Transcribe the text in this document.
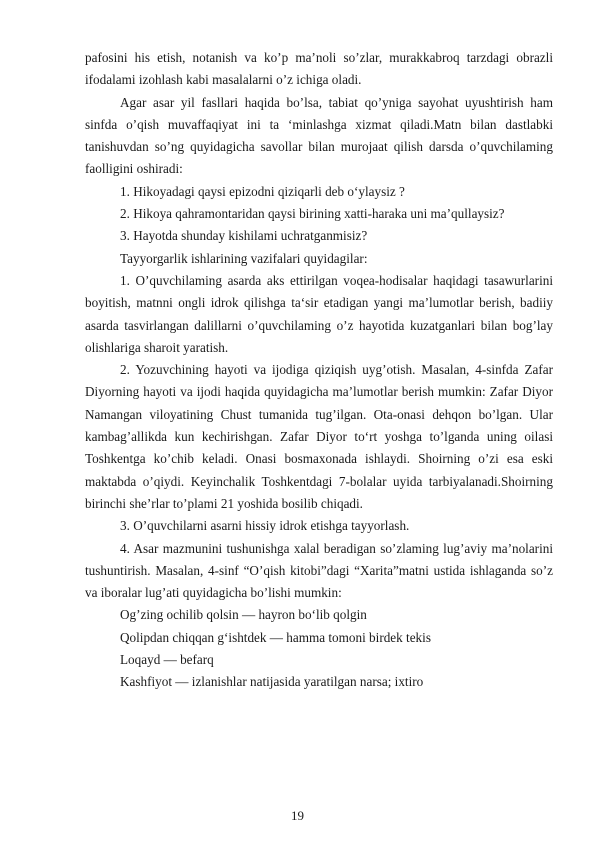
pafosini his etish, notanish va ko’p ma’noli so’zlar, murakkabroq tarzdagi obrazli ifodalami izohlash kabi masalalarni o’z ichiga oladi.

Agar asar yil fasllari haqida bo’lsa, tabiat qo’yniga sayohat uyushtirish ham sinfda o’qish muvaffaqiyat ini ta ‘minlashga xizmat qiladi.Matn bilan dastlabki tanishuvdan so’ng quyidagicha savollar bilan murojaat qilish darsda o’quvchilaming faolligini oshiradi:

1. Hikoyadagi qaysi epizodni qiziqarli deb o‘ylaysiz ?

2. Hikoya qahramontaridan qaysi birining xatti-haraka uni ma’qullaysiz?

3. Hayotda shunday kishilami uchratganmisiz?

Tayyorgarlik ishlarining vazifalari quyidagilar:

1. O’quvchilaming asarda aks ettirilgan voqea-hodisalar haqidagi tasawurlarini boyitish, matnni ongli idrok qilishga ta‘sir etadigan yangi ma’lumotlar berish, badiiy asarda tasvirlangan dalillarni o’quvchilaming o’z hayotida kuzatganlari bilan bog’lay olishlariga sharoit yaratish.

2. Yozuvchining hayoti va ijodiga qiziqish uyg’otish. Masalan, 4-sinfda Zafar Diyorning hayoti va ijodi haqida quyidagicha ma’lumotlar berish mumkin: Zafar Diyor Namangan viloyatining Chust tumanida tug’ilgan. Ota-onasi dehqon bo’lgan. Ular kambag’allikda kun kechirishgan. Zafar Diyor to‘rt yoshga to’lganda uning oilasi Toshkentga ko’chib keladi. Onasi bosmaxonada ishlaydi. Shoirning o’zi esa eski maktabda o’qiydi. Keyinchalik Toshkentdagi 7-bolalar uyida tarbiyalanadi.Shoirning birinchi she’rlar to’plami 21 yoshida bosilib chiqadi.

3. O’quvchilarni asarni hissiy idrok etishga tayyorlash.

4. Asar mazmunini tushunishga xalal beradigan so’zlaming lug’aviy ma’nolarini tushuntirish. Masalan, 4-sinf “O’qish kitobi”dagi “Xarita”matni ustida ishlaganda so’z va iboralar lug’ati quyidagicha bo’lishi mumkin:

Og’zing ochilib qolsin — hayron bo‘lib qolgin

Qolipdan chiqqan g‘ishtdek — hamma tomoni birdek tekis

Loqayd — befarq

Kashfiyot — izlanishlar natijasida yaratilgan narsa; ixtiro

19
